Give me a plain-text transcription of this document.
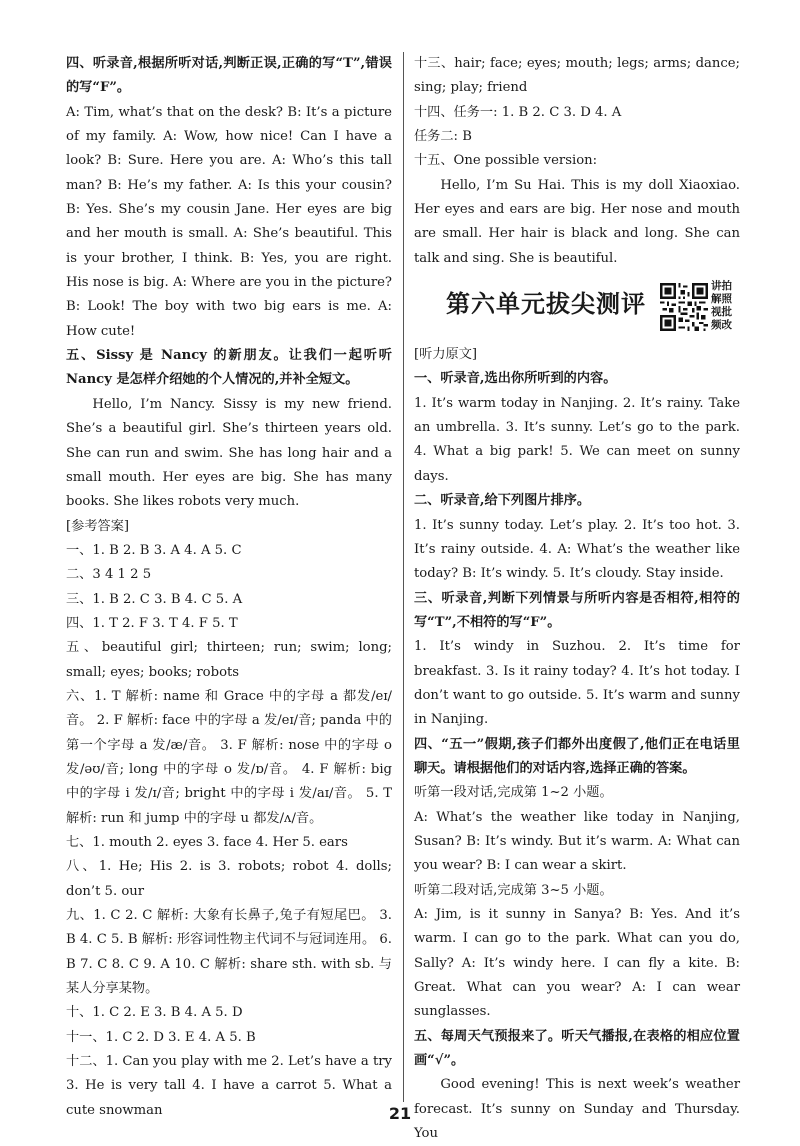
四、听录音,根据所听对话,判断正误,正确的写“T”,错误的写“F”。

A: Tim, what’s that on the desk? B: It’s a picture of my family. A: Wow, how nice! Can I have a look? B: Sure. Here you are. A: Who’s this tall man? B: He’s my father. A: Is this your cousin? B: Yes. She’s my cousin Jane. Her eyes are big and her mouth is small. A: She’s beautiful. This is your brother, I think. B: Yes, you are right. His nose is big. A: Where are you in the picture? B: Look! The boy with two big ears is me. A: How cute!

五、Sissy 是 Nancy 的新朋友。让我们一起听听 Nancy 是怎样介绍她的个人情况的,并补全短文。

Hello, I’m Nancy. Sissy is my new friend. She’s a beautiful girl. She’s thirteen years old. She can run and swim. She has long hair and a small mouth. Her eyes are big. She has many books. She likes robots very much.

[参考答案]

一、1. B 2. B 3. A 4. A 5. C

二、3 4 1 2 5

三、1. B 2. C 3. B 4. C 5. A

四、1. T 2. F 3. T 4. F 5. T

五、beautiful girl; thirteen; run; swim; long; small; eyes; books; robots

六、1. T 解析: name 和 Grace 中的字母 a 都发/eɪ/音。 2. F 解析: face 中的字母 a 发/eɪ/音; panda 中的第一个字母 a 发/æ/音。 3. F 解析: nose 中的字母 o 发/əʊ/音; long 中的字母 o 发/ɒ/音。 4. F 解析: big 中的字母 i 发/ɪ/音; bright 中的字母 i 发/aɪ/音。 5. T 解析: run 和 jump 中的字母 u 都发/ʌ/音。

七、1. mouth 2. eyes 3. face 4. Her 5. ears

八、1. He; His 2. is 3. robots; robot 4. dolls; don’t 5. our

九、1. C 2. C 解析: 大象有长鼻子,兔子有短尾巴。 3. B 4. C 5. B 解析: 形容词性物主代词不与冠词连用。 6. B 7. C 8. C 9. A 10. C 解析: share sth. with sb. 与某人分享某物。

十、1. C 2. E 3. B 4. A 5. D

十一、1. C 2. D 3. E 4. A 5. B

十二、1. Can you play with me 2. Let’s have a try 3. He is very tall 4. I have a carrot 5. What a cute snowman

十三、hair; face; eyes; mouth; legs; arms; dance; sing; play; friend

十四、任务一: 1. B 2. C 3. D 4. A

任务二: B

十五、One possible version:

Hello, I’m Su Hai. This is my doll Xiaoxiao. Her eyes and ears are big. Her nose and mouth are small. Her hair is black and long. She can talk and sing. She is beautiful.

第六单元拔尖测评
讲拍解照视批频改

[听力原文]

一、听录音,选出你所听到的内容。

1. It’s warm today in Nanjing. 2. It’s rainy. Take an umbrella. 3. It’s sunny. Let’s go to the park. 4. What a big park! 5. We can meet on sunny days.

二、听录音,给下列图片排序。

1. It’s sunny today. Let’s play. 2. It’s too hot. 3. It’s rainy outside. 4. A: What’s the weather like today? B: It’s windy. 5. It’s cloudy. Stay inside.

三、听录音,判断下列情景与所听内容是否相符,相符的写“T”,不相符的写“F”。

1. It’s windy in Suzhou. 2. It’s time for breakfast. 3. Is it rainy today? 4. It’s hot today. I don’t want to go outside. 5. It’s warm and sunny in Nanjing.

四、“五一”假期,孩子们都外出度假了,他们正在电话里聊天。请根据他们的对话内容,选择正确的答案。

听第一段对话,完成第 1~2 小题。

A: What’s the weather like today in Nanjing, Susan? B: It’s windy. But it’s warm. A: What can you wear? B: I can wear a skirt.

听第二段对话,完成第 3~5 小题。

A: Jim, is it sunny in Sanya? B: Yes. And it’s warm. I can go to the park. What can you do, Sally? A: It’s windy here. I can fly a kite. B: Great. What can you wear? A: I can wear sunglasses.

五、每周天气预报来了。听天气播报,在表格的相应位置画“√”。

Good evening! This is next week’s weather forecast. It’s sunny on Sunday and Thursday. You

21
